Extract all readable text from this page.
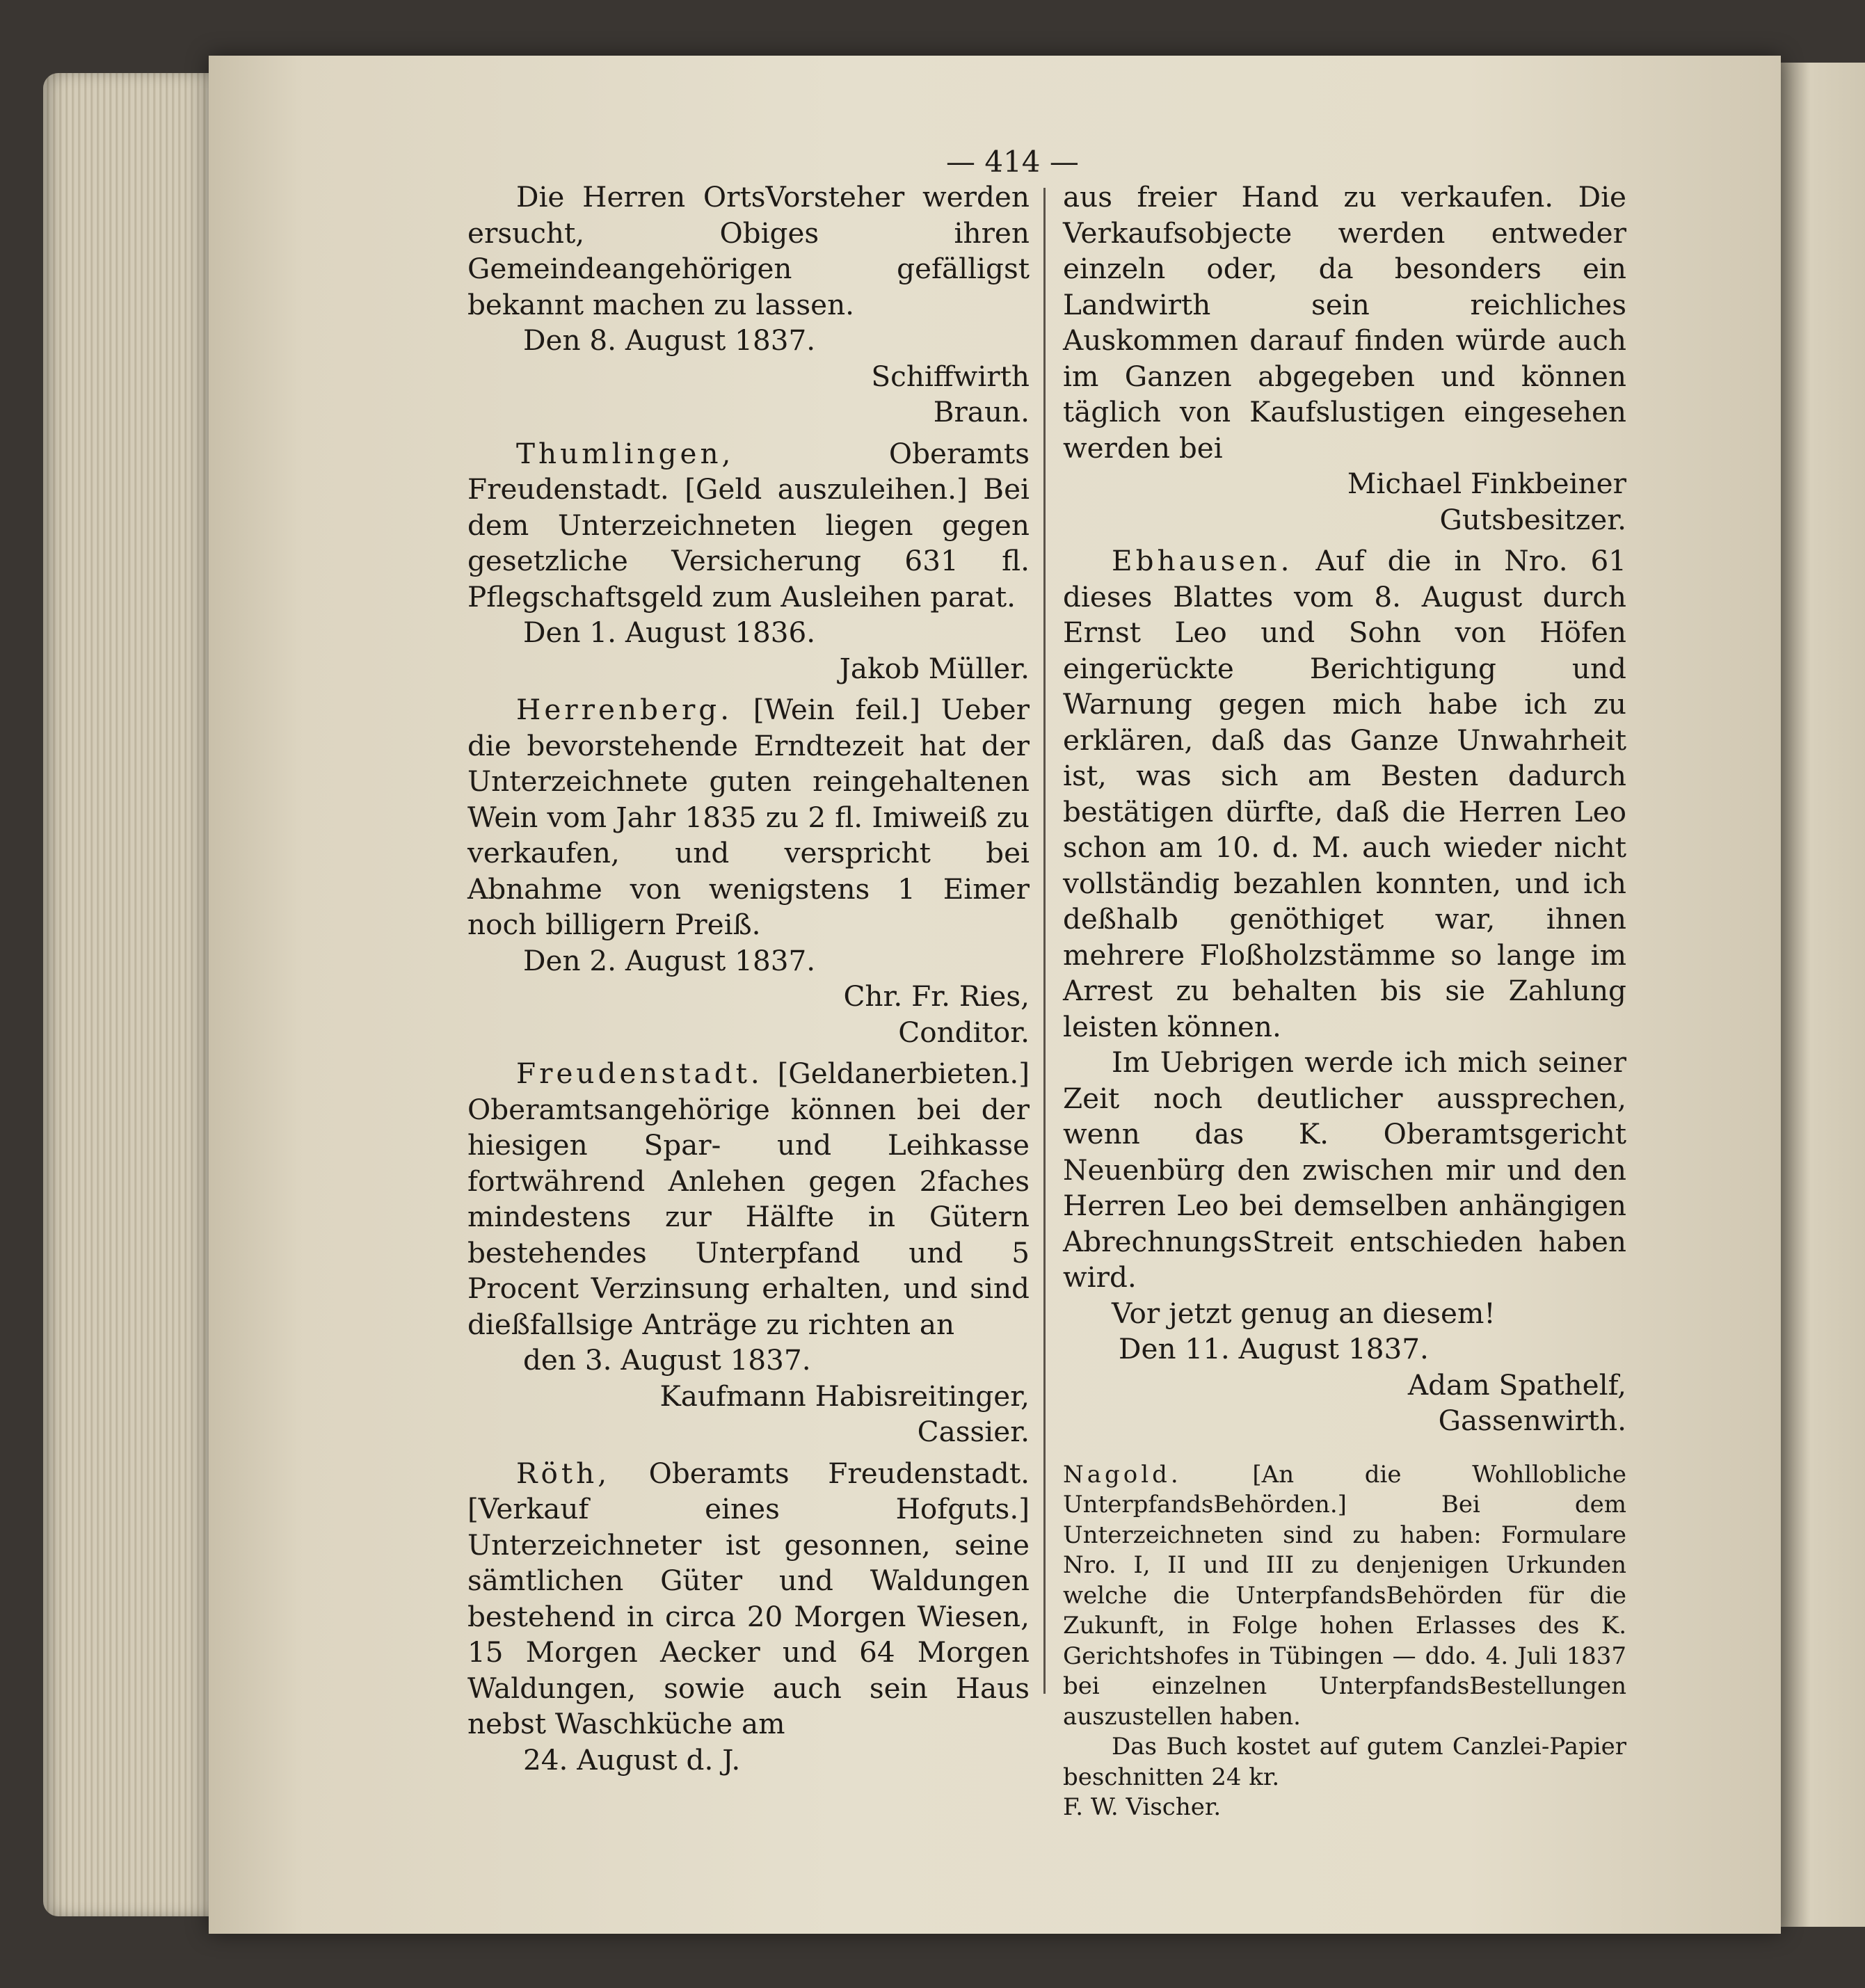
— 414 —

Die Herren OrtsVorsteher werden ersucht, Obiges ihren Gemeindeangehörigen gefälligst bekannt machen zu lassen.

Den 8. August 1837.

Schiffwirth

Braun.

Thumlingen,	Oberamts Freudenstadt. [Geld auszuleihen.] Bei dem Unterzeichneten liegen gegen gesetzliche Versicherung 631 fl. Pflegschaftsgeld zum Ausleihen parat.

Den 1. August 1836.

Jakob Müller.

Herrenberg. [Wein feil.] Ueber die bevorstehende Erndtezeit hat der Unterzeichnete guten reingehaltenen Wein vom Jahr 1835 zu 2 fl. Imiweiß zu verkaufen, und verspricht bei Abnahme von wenigstens 1 Eimer noch billigern Preiß.

Den 2. August 1837.

Chr. Fr. Ries,

Conditor.

Freudenstadt. [Geldanerbieten.] Oberamtsangehörige können bei der hiesigen Spar- und Leihkasse fortwährend Anlehen gegen 2faches mindestens zur Hälfte in Gütern bestehendes Unterpfand und 5 Procent Verzinsung erhalten, und sind dießfallsige Anträge zu richten an

den 3. August 1837.

Kaufmann Habisreitinger,

Cassier.

Röth, Oberamts Freudenstadt. [Verkauf eines Hofguts.] Unterzeichneter ist gesonnen, seine sämtlichen Güter und Waldungen bestehend in circa 20 Morgen Wiesen, 15 Morgen Aecker und 64 Morgen Waldungen, sowie auch sein Haus nebst Waschküche am

24. August d. J.

aus freier Hand zu verkaufen. Die Verkaufsobjecte werden entweder einzeln oder, da besonders ein Landwirth sein reichliches Auskommen darauf finden würde auch im Ganzen abgegeben und können täglich von Kaufslustigen eingesehen werden bei

Michael Finkbeiner

Gutsbesitzer.

Ebhausen. Auf die in Nro. 61 dieses Blattes vom 8. August durch Ernst Leo und Sohn von Höfen eingerückte Berichtigung und Warnung gegen mich habe ich zu erklären, daß das Ganze Unwahrheit ist, was sich am Besten dadurch bestätigen dürfte, daß die Herren Leo schon am 10. d. M. auch wieder nicht vollständig bezahlen konnten, und ich deßhalb genöthiget war, ihnen mehrere Floßholzstämme so lange im Arrest zu behalten bis sie Zahlung leisten können.

Im Uebrigen werde ich mich seiner Zeit noch deutlicher aussprechen, wenn das K. Oberamtsgericht Neuenbürg den zwischen mir und den Herren Leo bei demselben anhängigen AbrechnungsStreit entschieden haben wird.

Vor jetzt genug an diesem!

Den 11. August 1837.

Adam Spathelf,

Gassenwirth.

Nagold.	[An die Wohllobliche UnterpfandsBehörden.] Bei dem Unterzeichneten sind zu haben: Formulare Nro. I, II und III zu denjenigen Urkunden welche die UnterpfandsBehörden für die Zukunft, in Folge hohen Erlasses des K. Gerichtshofes in Tübingen — ddo. 4. Juli 1837 bei einzelnen UnterpfandsBestellungen auszustellen haben.

Das Buch kostet auf gutem Canzlei-Papier beschnitten 24 kr.

F. W. Vischer.
